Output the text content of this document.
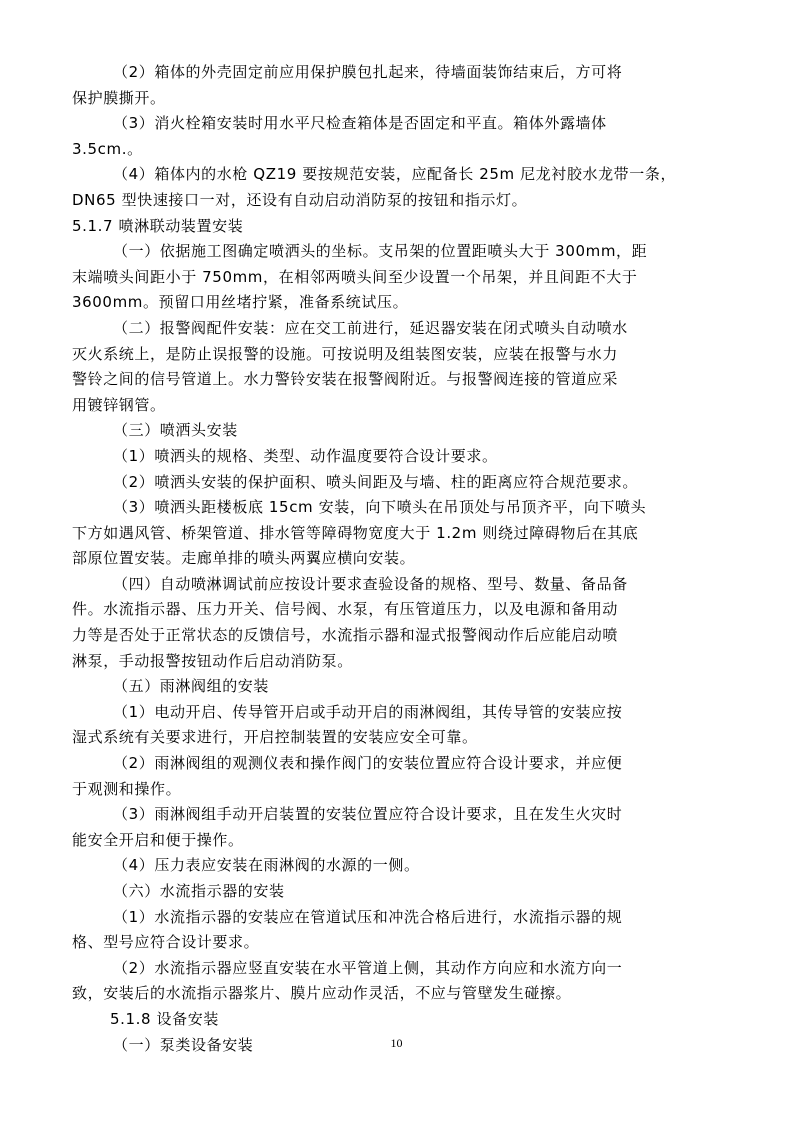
（2）箱体的外壳固定前应用保护膜包扎起来，待墙面装饰结束后，方可将

保护膜撕开。

（3）消火栓箱安装时用水平尺检查箱体是否固定和平直。箱体外露墙体

3.5cm.。

（4）箱体内的水枪 QZ19 要按规范安装，应配备长 25m 尼龙衬胶水龙带一条，

DN65 型快速接口一对，还设有自动启动消防泵的按钮和指示灯。

5.1.7 喷淋联动装置安装

（一）依据施工图确定喷洒头的坐标。支吊架的位置距喷头大于 300mm，距

末端喷头间距小于 750mm，在相邻两喷头间至少设置一个吊架，并且间距不大于

3600mm。预留口用丝堵拧紧，准备系统试压。

（二）报警阀配件安装：应在交工前进行，延迟器安装在闭式喷头自动喷水

灭火系统上，是防止误报警的设施。可按说明及组装图安装，应装在报警与水力

警铃之间的信号管道上。水力警铃安装在报警阀附近。与报警阀连接的管道应采

用镀锌钢管。

（三）喷洒头安装

（1）喷洒头的规格、类型、动作温度要符合设计要求。

（2）喷洒头安装的保护面积、喷头间距及与墙、柱的距离应符合规范要求。

（3）喷洒头距楼板底 15cm 安装，向下喷头在吊顶处与吊顶齐平，向下喷头

下方如遇风管、桥架管道、排水管等障碍物宽度大于 1.2m 则绕过障碍物后在其底

部原位置安装。走廊单排的喷头两翼应横向安装。

（四）自动喷淋调试前应按设计要求查验设备的规格、型号、数量、备品备

件。水流指示器、压力开关、信号阀、水泵，有压管道压力，以及电源和备用动

力等是否处于正常状态的反馈信号，水流指示器和湿式报警阀动作后应能启动喷

淋泵，手动报警按钮动作后启动消防泵。

（五）雨淋阀组的安装

（1）电动开启、传导管开启或手动开启的雨淋阀组，其传导管的安装应按

湿式系统有关要求进行，开启控制装置的安装应安全可靠。

（2）雨淋阀组的观测仪表和操作阀门的安装位置应符合设计要求，并应便

于观测和操作。

（3）雨淋阀组手动开启装置的安装位置应符合设计要求，且在发生火灾时

能安全开启和便于操作。

（4）压力表应安装在雨淋阀的水源的一侧。

（六）水流指示器的安装

（1）水流指示器的安装应在管道试压和冲洗合格后进行，水流指示器的规

格、型号应符合设计要求。

（2）水流指示器应竖直安装在水平管道上侧，其动作方向应和水流方向一

致，安装后的水流指示器浆片、膜片应动作灵活，不应与管壁发生碰擦。

5.1.8 设备安装

（一）泵类设备安装	10
